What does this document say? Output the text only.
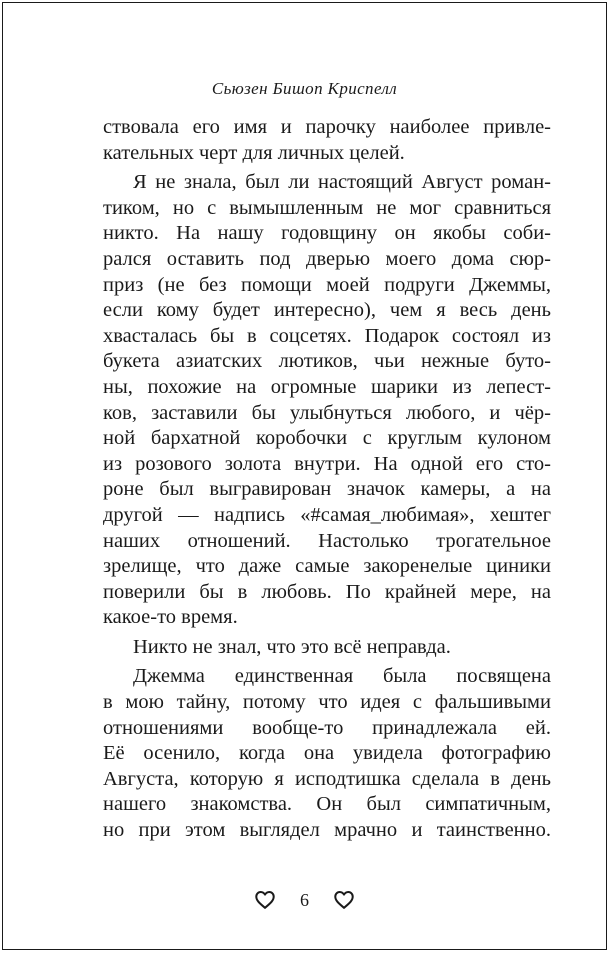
Сьюзен Бишоп Криспелл
ствовала его имя и парочку наиболее привле-
кательных черт для личных целей.
Я не знала, был ли настоящий Август роман-
тиком, но с вымышленным не мог сравниться
никто. На нашу годовщину он якобы соби-
рался оставить под дверью моего дома сюр-
приз (не без помощи моей подруги Джеммы,
если кому будет интересно), чем я весь день
хвасталась бы в соцсетях. Подарок состоял из
букета азиатских лютиков, чьи нежные буто-
ны, похожие на огромные шарики из лепест-
ков, заставили бы улыбнуться любого, и чёр-
ной бархатной коробочки с круглым кулоном
из розового золота внутри. На одной его сто-
роне был выгравирован значок камеры, а на
другой — надпись «#самая_любимая», хештег
наших отношений. Настолько трогательное
зрелище, что даже самые закоренелые циники
поверили бы в любовь. По крайней мере, на
какое-то время.
Никто не знал, что это всё неправда.
Джемма единственная была посвящена
в мою тайну, потому что идея с фальшивыми
отношениями вообще-то принадлежала ей.
Её осенило, когда она увидела фотографию
Августа, которую я исподтишка сделала в день
нашего знакомства. Он был симпатичным,
но при этом выглядел мрачно и таинственно.
6
